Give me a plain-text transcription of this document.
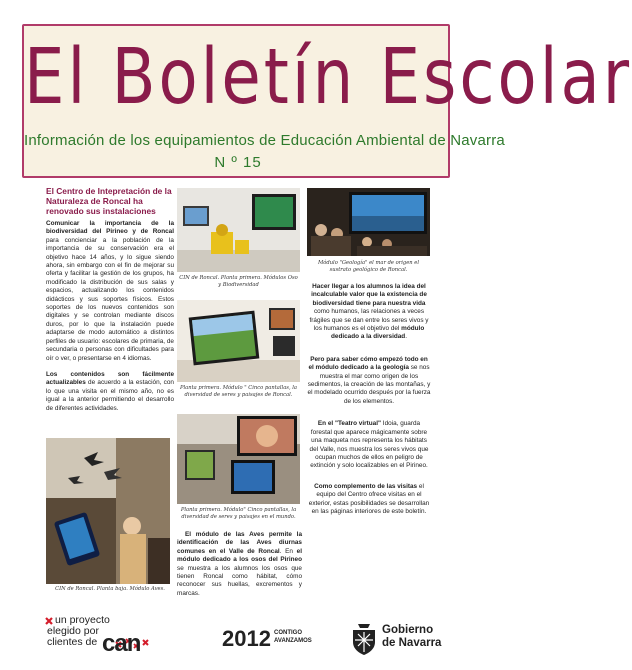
El Boletín Escolar
Información de los equipamientos de Educación Ambiental de Navarra
N º 15
El Centro de Intepretación de la Naturaleza de Roncal ha renovado sus instalaciones

Comunicar la importancia de la biodiversidad del Pirineo y de Roncal para concienciar a la población de la importancia de su conservación era el objetivo hace 14 años, y lo sigue siendo ahora, sin embargo con el fin de mejorar su oferta y facilitar la gestión de los grupos, ha modificado la distribución de sus salas y espacios, actualizando los contenidos didácticos y sus soportes físicos. Estos soportes de los nuevos contenidos son digitales y se controlan mediante discos duros, por lo que la instalación puede adaptarse de modo automático a distintos perfiles de usuario: escolares de primaria, de secundaria o personas con dificultades para oír o ver, o presentarse en 4 idiomas.

Los contenidos son fácilmente actualizables de acuerdo a la estación, con lo que una visita en el mismo año, no es igual a la anterior permitiendo el desarrollo de diferentes actividades.

CIN de Roncal. Planta baja. Módulo Aves.
CIN de Roncal. Planta primera. Módulos Oso y Biodiversidad
Planta primera. Módulo " Cinco pantallas, la diversidad de seres y paisajes de Roncal.
Planta primera. Módulo" Cinco pantallas, la diversidad de seres y paisajes en el mundo.

El módulo de las Aves permite la identificación de las Aves diurnas comunes en el Valle de Roncal. En el módulo dedicado a los osos del Pirineo se muestra a los alumnos los osos que tienen Roncal como hábitat, cómo reconocer sus huellas, excrementos y marcas.

Módulo "Geología" el mar de origen el sustrato geológico de Roncal.

Hacer llegar a los alumnos la idea del incalculable valor que la existencia de biodiversidad tiene para nuestra vida como humanos, las relaciones a veces frágiles que se dan entre los seres vivos y los humanos es el objetivo del módulo dedicado a la diversidad.

Pero para saber cómo empezó todo en el módulo dedicado a la geología se nos muestra el mar como origen de los sedimentos, la creación de las montañas, y el modelado ocurrido después por la fuerza de los elementos.

En el "Teatro virtual" Idoia, guarda forestal que aparece mágicamente sobre una maqueta nos representa los hábitats del Valle, nos muestra los seres vivos que ocupan muchos de ellos en peligro de extinción y solo localizables en el Pirineo.

Como complemento de las visitas el equipo del Centro ofrece visitas en el exterior, estas posibilidades se desarrollan en las páginas interiores de este boletín.

un proyecto
elegido por
clientes de can	2012 CONTIGO
AVANZAMOS
Gobierno
de Navarra
